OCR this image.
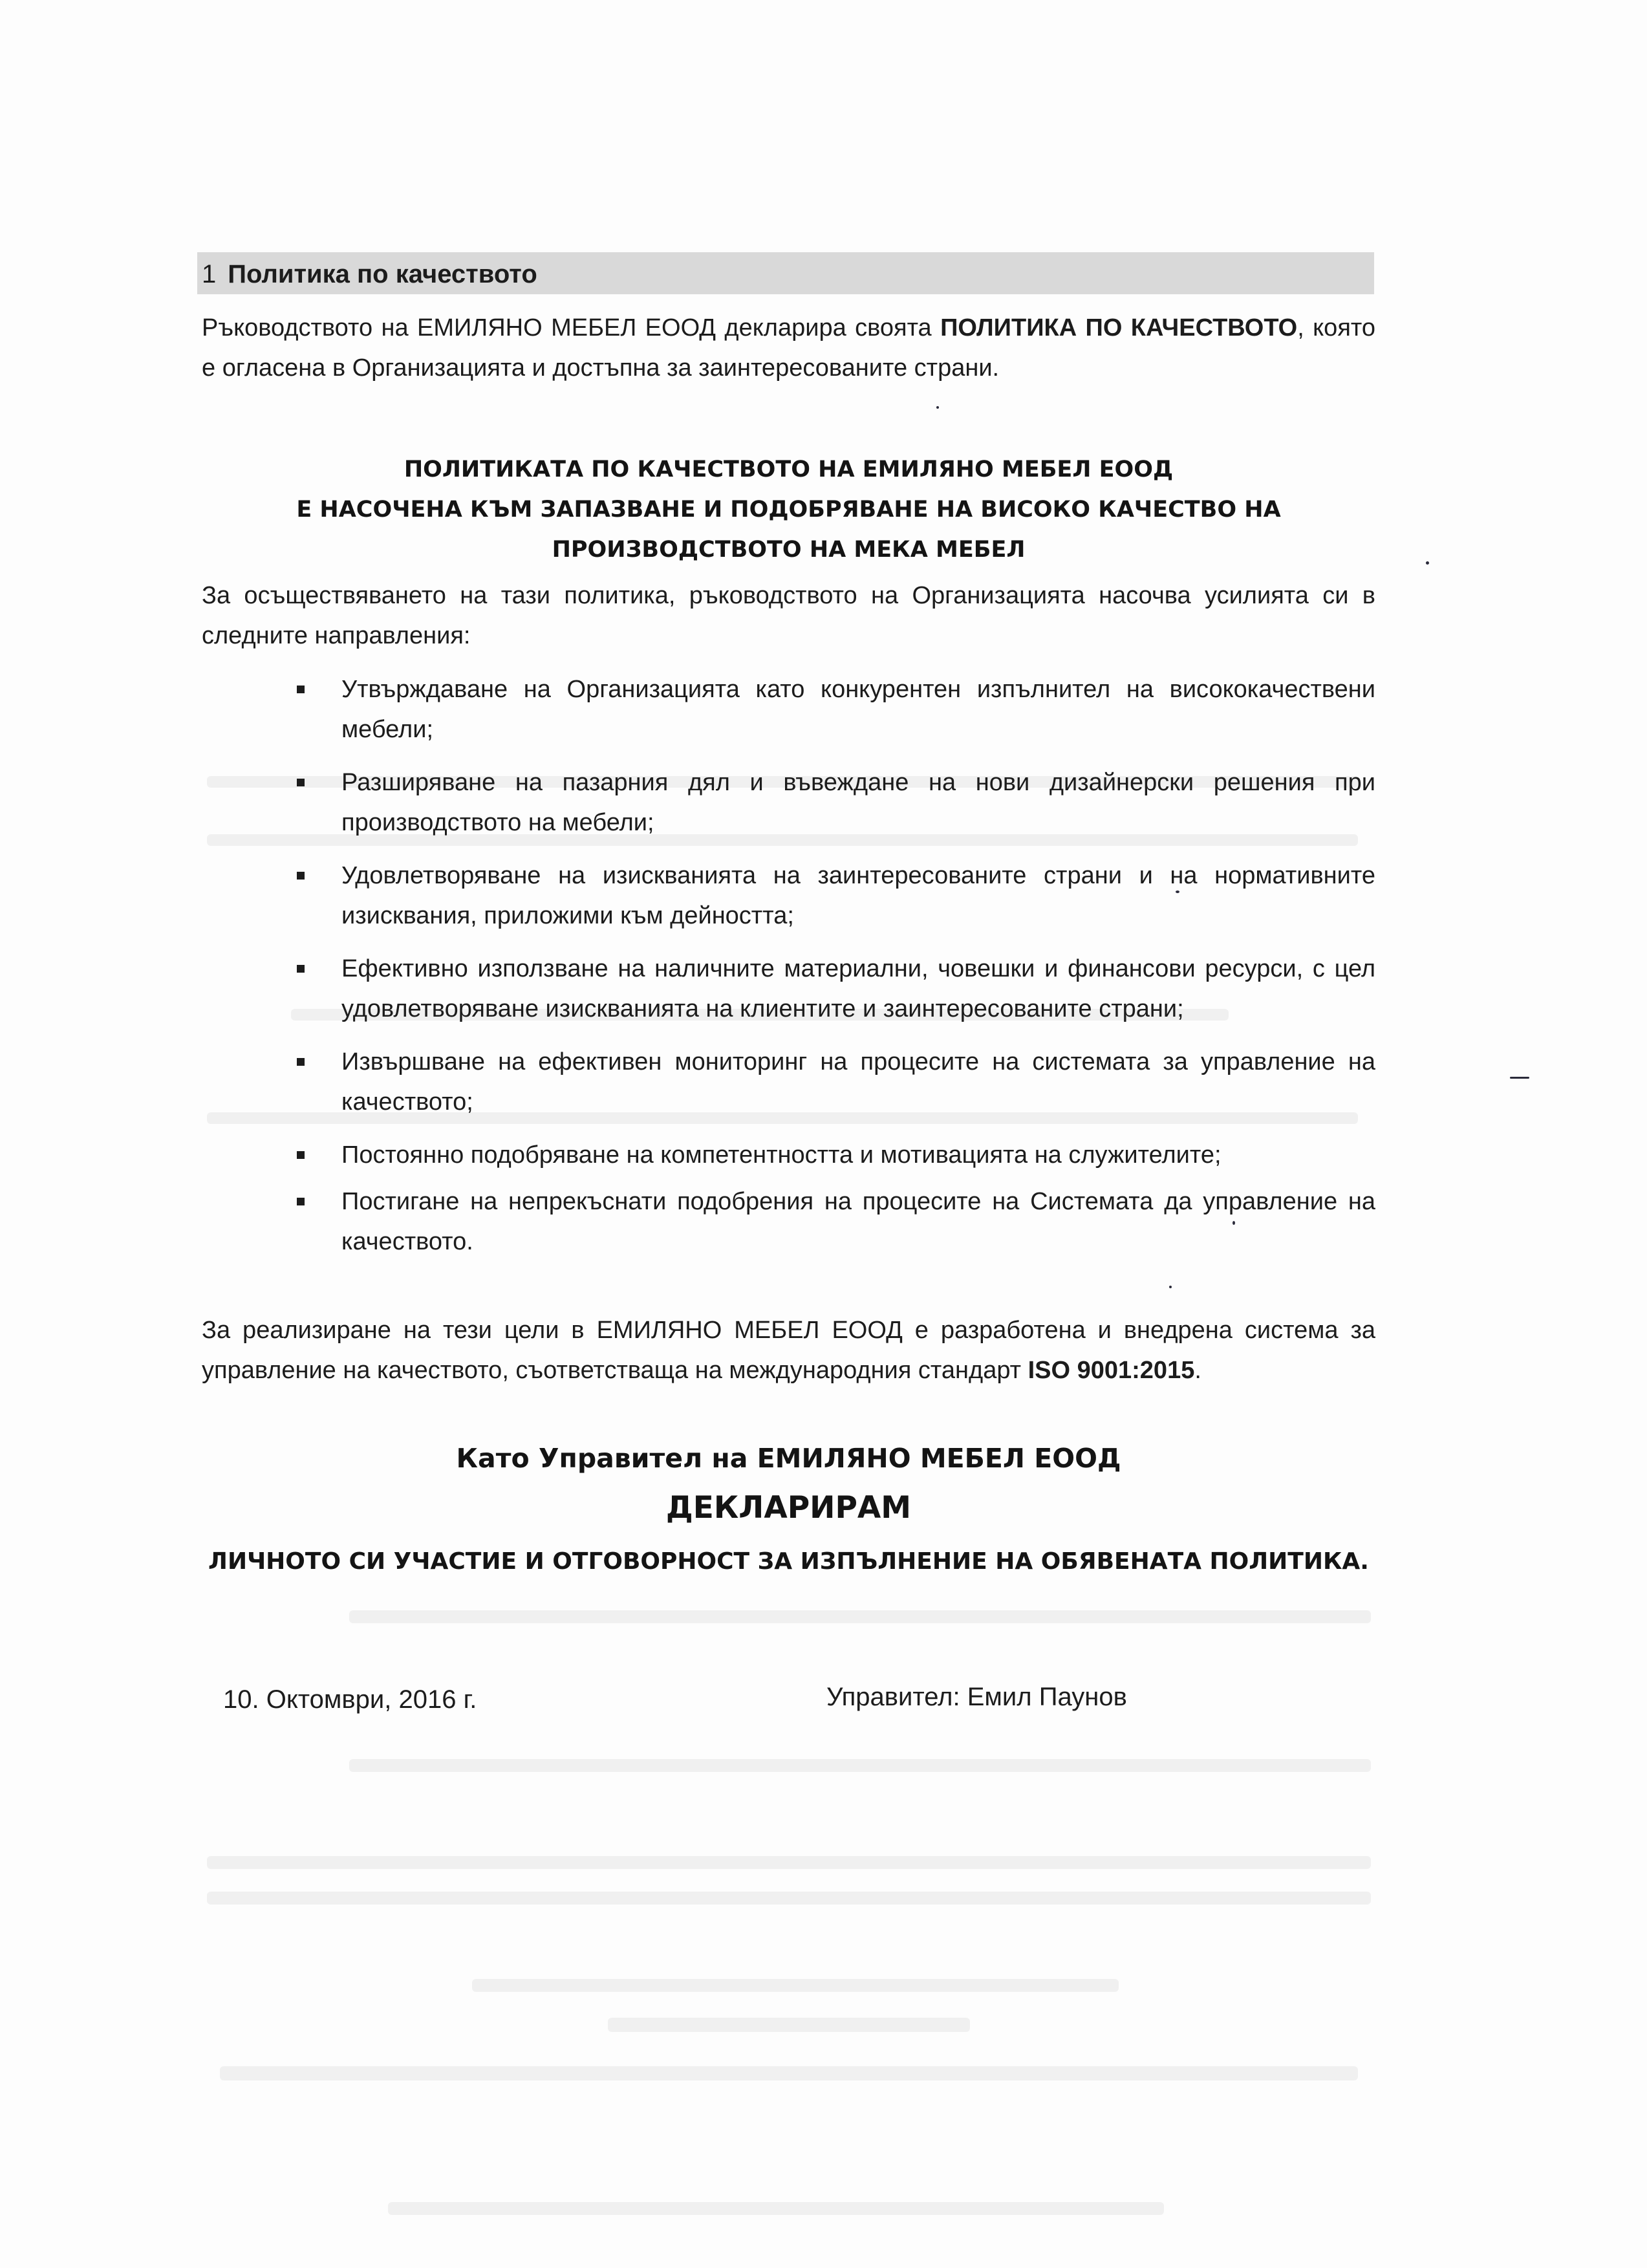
1 Политика по качеството

Ръководството на ЕМИЛЯНО МЕБЕЛ ЕООД декларира своята ПОЛИТИКА ПО КАЧЕСТВОТО, която е огласена в Организацията и достъпна за заинтересованите страни.

ПОЛИТИКАТА ПО КАЧЕСТВОТО НА ЕМИЛЯНО МЕБЕЛ ЕООД
Е НАСОЧЕНА КЪМ ЗАПАЗВАНЕ И ПОДОБРЯВАНЕ НА ВИСОКО КАЧЕСТВО НА
ПРОИЗВОДСТВОТО НА МЕКА МЕБЕЛ

За осъществяването на тази политика, ръководството на Организацията насочва усилията си в следните направления:

Утвърждаване на Организацията като конкурентен изпълнител на висококачествени мебели;
Разширяване на пазарния дял и въвеждане на нови дизайнерски решения при производството на мебели;
Удовлетворяване на изискванията на заинтересованите страни и на нормативните изисквания, приложими към дейността;
Ефективно използване на наличните материални, човешки и финансови ресурси, с цел удовлетворяване изискванията на клиентите и заинтересованите страни;
Извършване на ефективен мониторинг на процесите на системата за управление на качеството;
Постоянно подобряване на компетентността и мотивацията на служителите;
Постигане на непрекъснати подобрения на процесите на Системата да управление на качеството.

За реализиране на тези цели в ЕМИЛЯНО МЕБЕЛ ЕООД е разработена и внедрена система за управление на качеството, съответстваща на международния стандарт ISO 9001:2015.

Като Управител на ЕМИЛЯНО МЕБЕЛ ЕООД
ДЕКЛАРИРАМ
ЛИЧНОТО СИ УЧАСТИЕ И ОТГОВОРНОСТ ЗА ИЗПЪЛНЕНИЕ НА ОБЯВЕНАТА ПОЛИТИКА.
10. Октомври, 2016 г.	Управител: Емил Паунов
